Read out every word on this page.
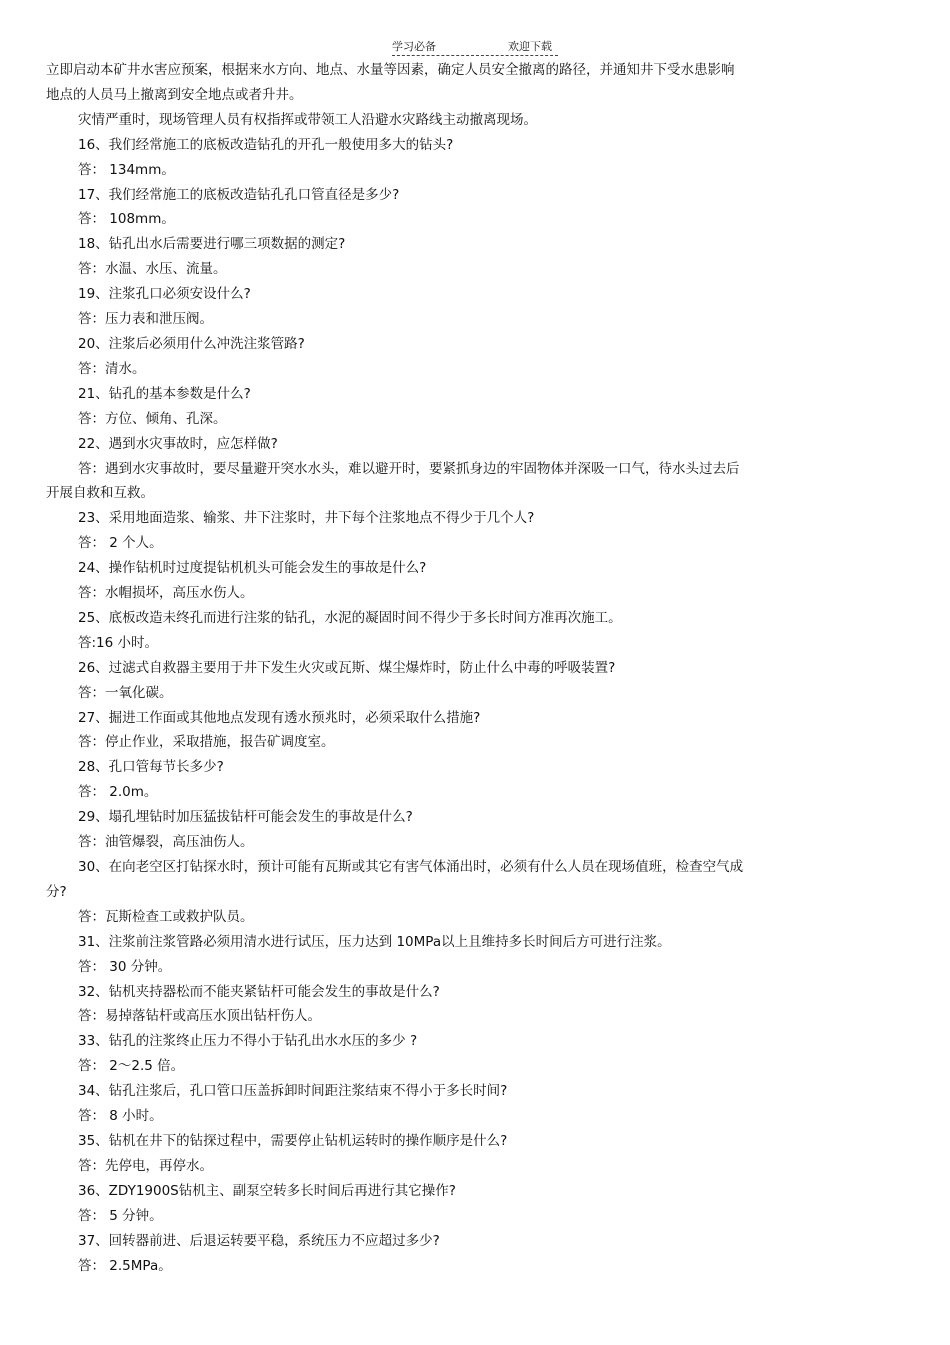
学习必备	欢迎下载

立即启动本矿井水害应预案，根据来水方向、地点、水量等因素，确定人员安全撤离的路径，并通知井下受水患影响

地点的人员马上撤离到安全地点或者升井。

灾情严重时，现场管理人员有权指挥或带领工人沿避水灾路线主动撤离现场。

16、我们经常施工的底板改造钻孔的开孔一般使用多大的钻头?

答： 134mm。

17、我们经常施工的底板改造钻孔孔口管直径是多少?

答： 108mm。

18、钻孔出水后需要进行哪三项数据的测定?

答：水温、水压、流量。

19、注浆孔口必须安设什么?

答：压力表和泄压阀。

20、注浆后必须用什么冲洗注浆管路?

答：清水。

21、钻孔的基本参数是什么?

答：方位、倾角、孔深。

22、遇到水灾事故时，应怎样做?

答：遇到水灾事故时，要尽量避开突水水头，难以避开时，要紧抓身边的牢固物体并深吸一口气，待水头过去后

开展自救和互救。

23、采用地面造浆、输浆、井下注浆时，井下每个注浆地点不得少于几个人?

答： 2 个人。

24、操作钻机时过度提钻机机头可能会发生的事故是什么?

答：水帽损坏，高压水伤人。

25、底板改造未终孔而进行注浆的钻孔，水泥的凝固时间不得少于多长时间方准再次施工。

答:16 小时。

26、过滤式自救器主要用于井下发生火灾或瓦斯、煤尘爆炸时，防止什么中毒的呼吸装置?

答：一氧化碳。

27、掘进工作面或其他地点发现有透水预兆时，必须采取什么措施?

答：停止作业，采取措施，报告矿调度室。

28、孔口管每节长多少?

答： 2.0m。

29、塌孔埋钻时加压猛拔钻杆可能会发生的事故是什么?

答：油管爆裂，高压油伤人。

30、在向老空区打钻探水时，预计可能有瓦斯或其它有害气体涌出时，必须有什么人员在现场值班，检查空气成

分?

答：瓦斯检查工或救护队员。

31、注浆前注浆管路必须用清水进行试压，压力达到 10MPa以上且维持多长时间后方可进行注浆。

答： 30 分钟。

32、钻机夹持器松而不能夹紧钻杆可能会发生的事故是什么?

答：易掉落钻杆或高压水顶出钻杆伤人。

33、钻孔的注浆终止压力不得小于钻孔出水水压的多少 ?

答： 2～2.5 倍。

34、钻孔注浆后，孔口管口压盖拆卸时间距注浆结束不得小于多长时间?

答： 8 小时。

35、钻机在井下的钻探过程中，需要停止钻机运转时的操作顺序是什么?

答：先停电，再停水。

36、ZDY1900S钻机主、副泵空转多长时间后再进行其它操作?

答： 5 分钟。

37、回转器前进、后退运转要平稳，系统压力不应超过多少?

答： 2.5MPa。
